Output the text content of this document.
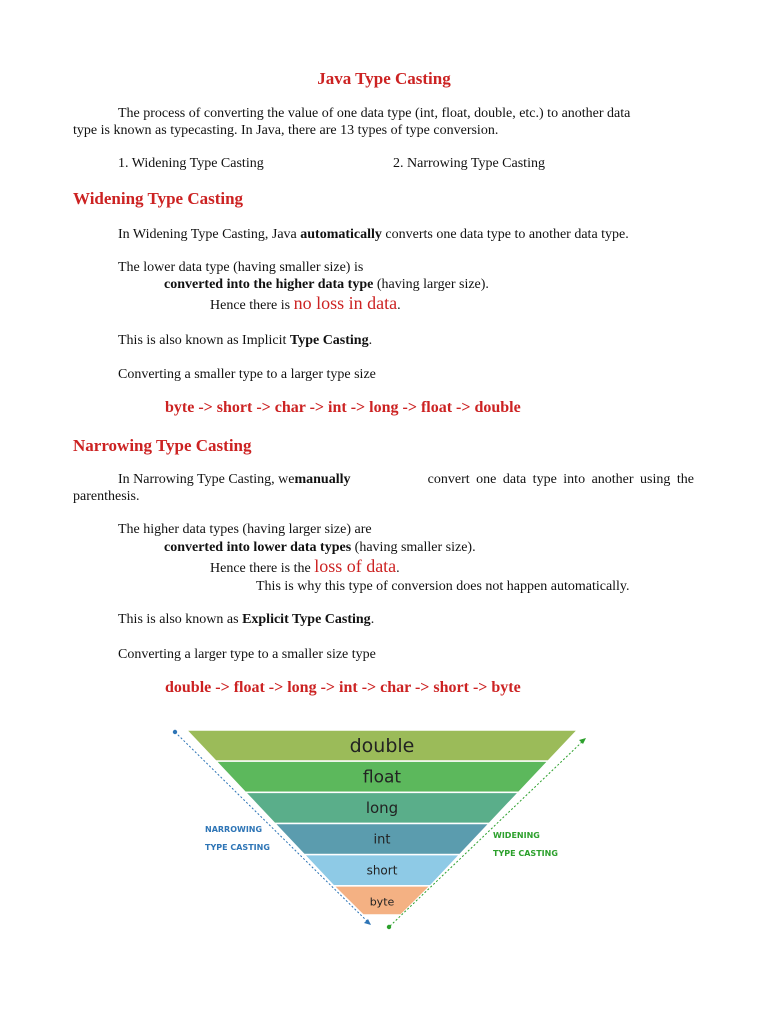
Java Type Casting
The process of converting the value of one data type (int, float, double, etc.) to another data
type is known as typecasting. In Java, there are 13 types of type conversion.
1. Widening Type Casting	2. Narrowing Type Casting
Widening Type Casting
In Widening Type Casting, Java automatically converts one data type to another data type.
The lower data type (having smaller size) is
converted into the higher data type (having larger size).
Hence there is no loss in data.
This is also known as Implicit Type Casting.
Converting a smaller type to a larger type size
byte -> short -> char -> int -> long -> float -> double
Narrowing Type Casting
In Narrowing Type Casting, we manually	convert one data type into another using the
parenthesis.
The higher data types (having larger size) are
converted into lower data types (having smaller size).
Hence there is the loss of data.
This is why this type of conversion does not happen automatically.
This is also known as Explicit Type Casting.
Converting a larger type to a smaller size type
double -> float -> long -> int -> char -> short -> byte
double
float
long
int
short
byte
NARROWING
TYPE CASTING
WIDENING
TYPE CASTING
